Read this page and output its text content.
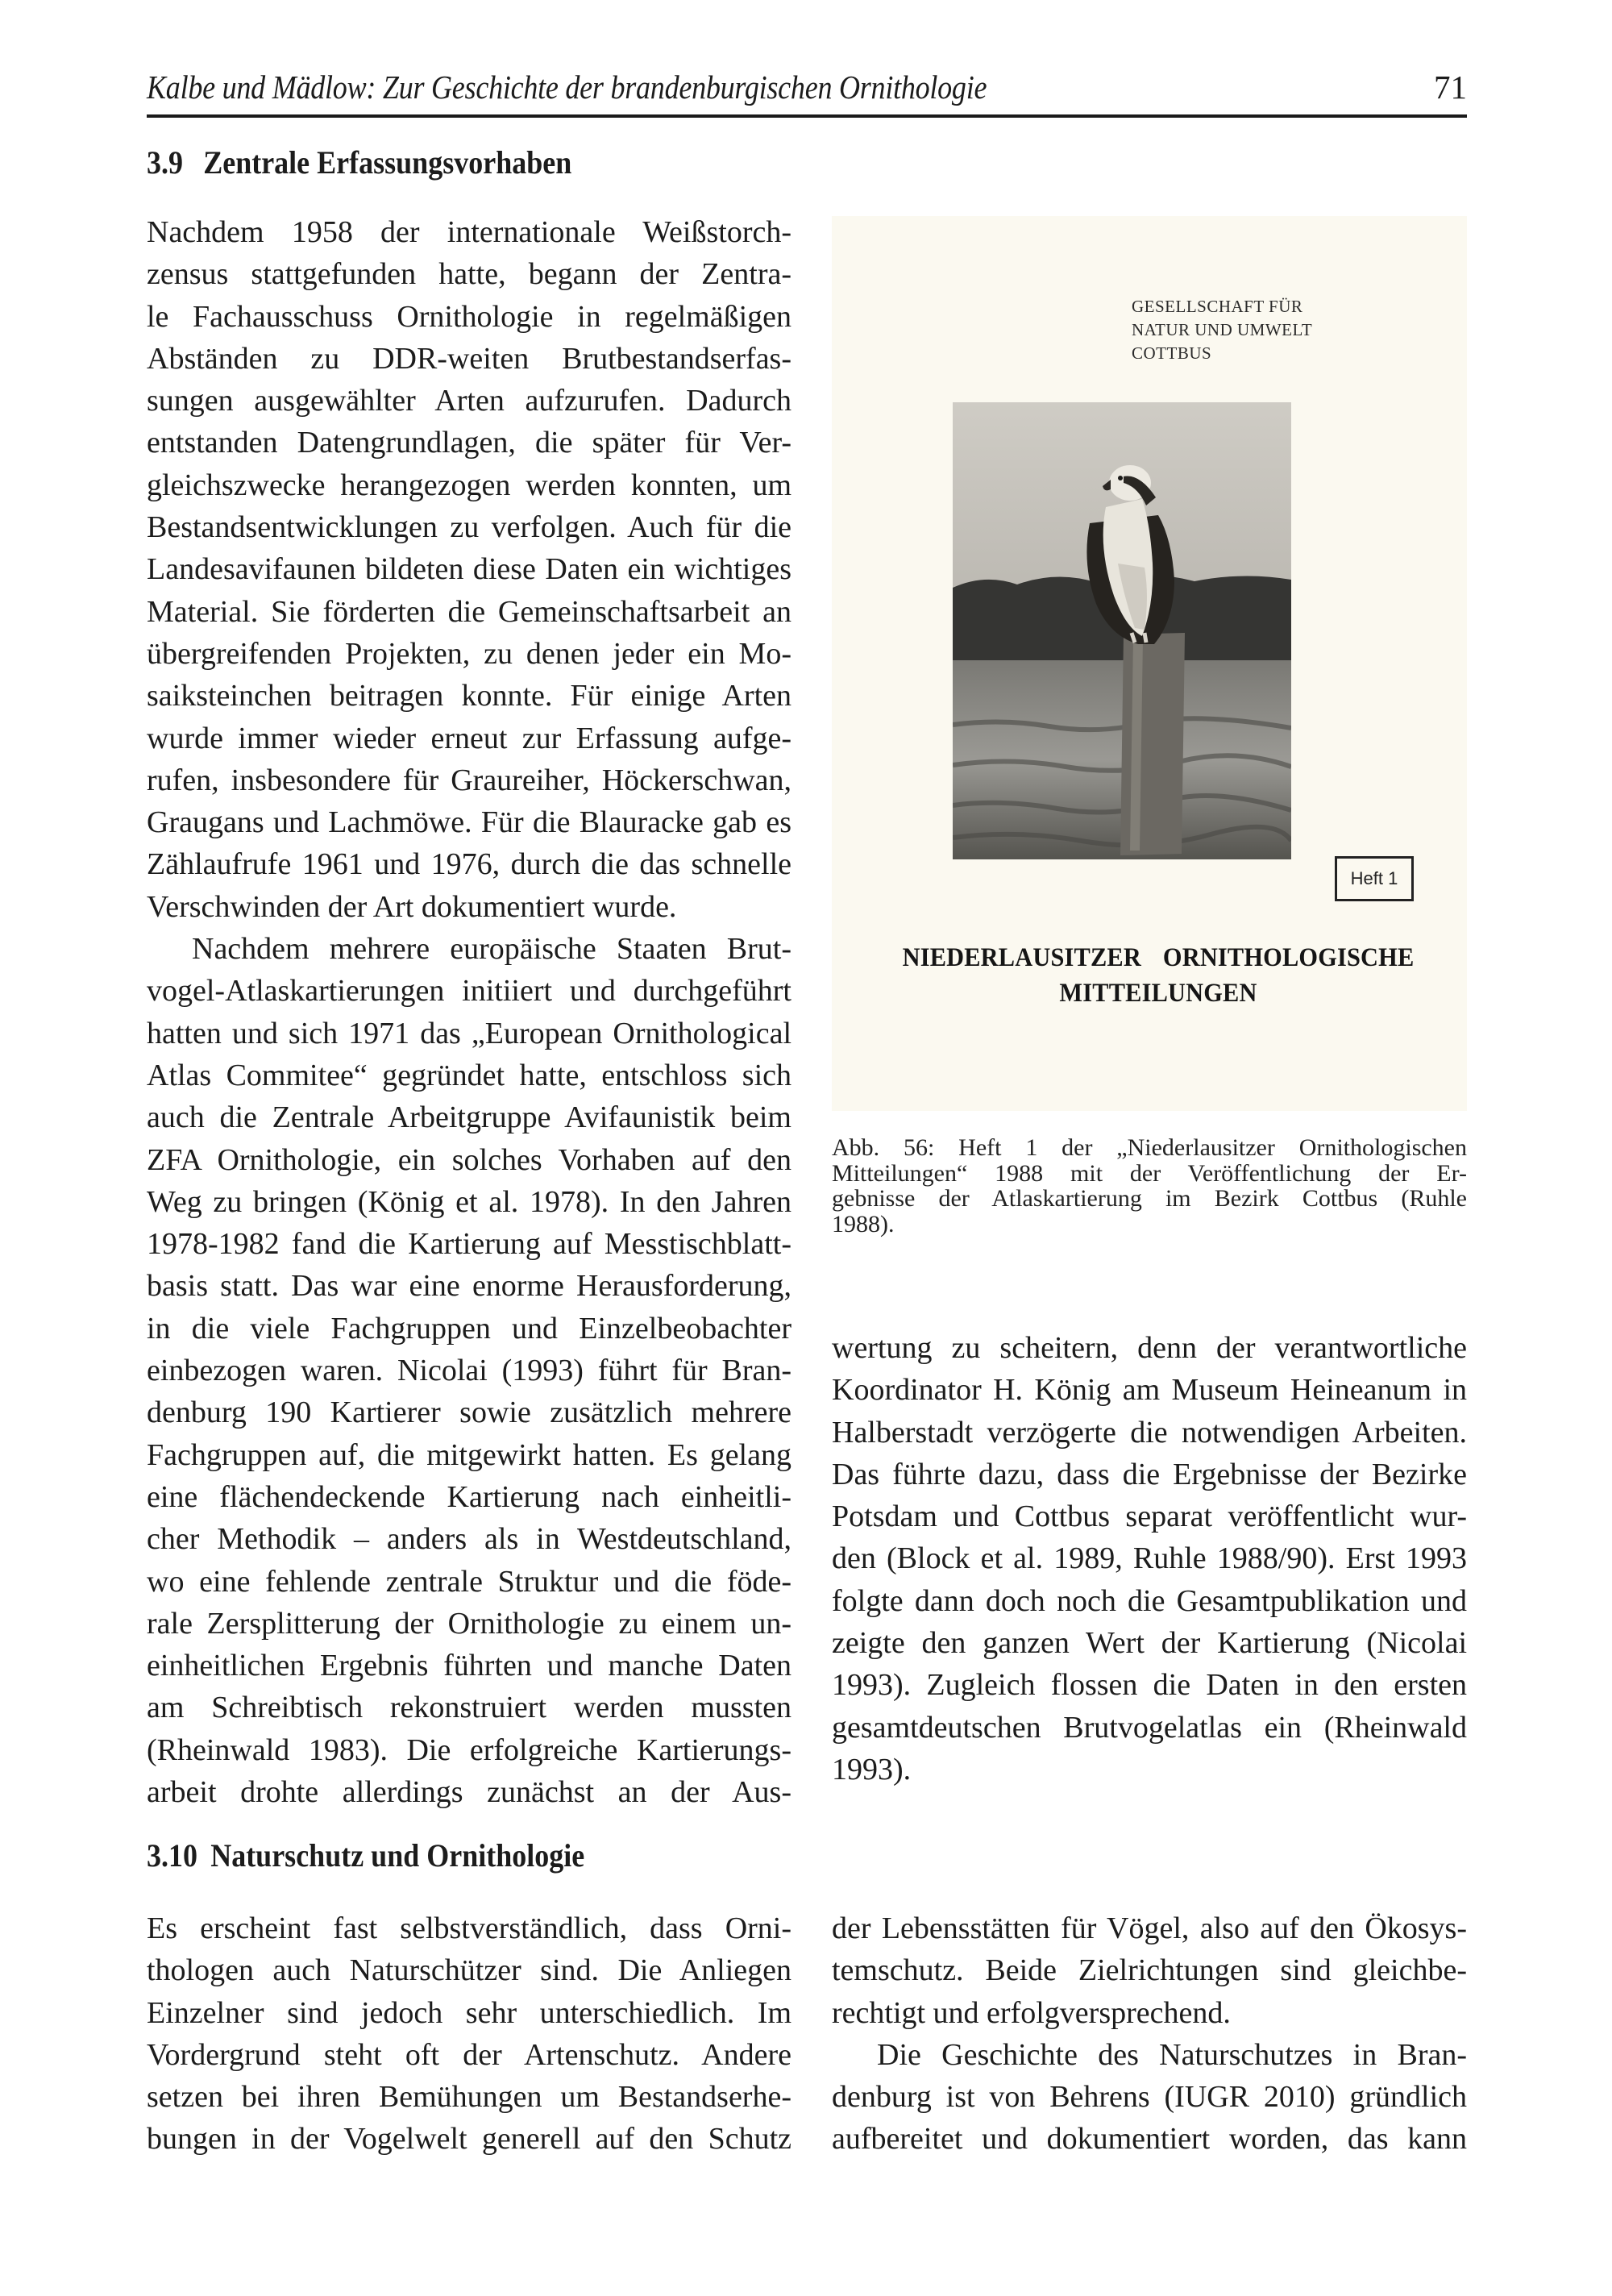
Kalbe und Mädlow: Zur Geschichte der brandenburgischen Ornithologie	71
3.9 Zentrale Erfassungsvorhaben

Nachdem 1958 der internationale Weißstorch-
zensus stattgefunden hatte, begann der Zentra-
le Fachausschuss Ornithologie in regelmäßigen
Abständen zu DDR-weiten Brutbestandserfas-
sungen ausgewählter Arten aufzurufen. Dadurch
entstanden Datengrundlagen, die später für Ver-
gleichszwecke herangezogen werden konnten, um
Bestandsentwicklungen zu verfolgen. Auch für die
Landesavifaunen bildeten diese Daten ein wichtiges
Material. Sie förderten die Gemeinschaftsarbeit an
übergreifenden Projekten, zu denen jeder ein Mo-
saiksteinchen beitragen konnte. Für einige Arten
wurde immer wieder erneut zur Erfassung aufge-
rufen, insbesondere für Graureiher, Höckerschwan,
Graugans und Lachmöwe. Für die Blauracke gab es
Zählaufrufe 1961 und 1976, durch die das schnelle
Verschwinden der Art dokumentiert wurde.

Nachdem mehrere europäische Staaten Brut-
vogel-Atlaskartierungen initiiert und durchgeführt
hatten und sich 1971 das „European Ornithological
Atlas Commitee“ gegründet hatte, entschloss sich
auch die Zentrale Arbeitgruppe Avifaunistik beim
ZFA Ornithologie, ein solches Vorhaben auf den
Weg zu bringen (König et al. 1978). In den Jahren
1978-1982 fand die Kartierung auf Messtischblatt-
basis statt. Das war eine enorme Herausforderung,
in die viele Fachgruppen und Einzelbeobachter
einbezogen waren. Nicolai (1993) führt für Bran-
denburg 190 Kartierer sowie zusätzlich mehrere
Fachgruppen auf, die mitgewirkt hatten. Es gelang
eine flächendeckende Kartierung nach einheitli-
cher Methodik – anders als in Westdeutschland,
wo eine fehlende zentrale Struktur und die föde-
rale Zersplitterung der Ornithologie zu einem un-
einheitlichen Ergebnis führten und manche Daten
am Schreibtisch rekonstruiert werden mussten
(Rheinwald 1983). Die erfolgreiche Kartierungs-
arbeit drohte allerdings zunächst an der Aus-

GESELLSCHAFT FÜR
NATUR UND UMWELT
COTTBUS
Heft 1
NIEDERLAUSITZER ORNITHOLOGISCHE
MITTEILUNGEN
Abb. 56: Heft 1 der „Niederlausitzer Ornithologischen
Mitteilungen“ 1988 mit der Veröffentlichung der Er-
gebnisse der Atlaskartierung im Bezirk Cottbus (Ruhle
1988).

wertung zu scheitern, denn der verantwortliche
Koordinator H. König am Museum Heineanum in
Halberstadt verzögerte die notwendigen Arbeiten.
Das führte dazu, dass die Ergebnisse der Bezirke
Potsdam und Cottbus separat veröffentlicht wur-
den (Block et al. 1989, Ruhle 1988/90). Erst 1993
folgte dann doch noch die Gesamtpublikation und
zeigte den ganzen Wert der Kartierung (Nicolai
1993). Zugleich flossen die Daten in den ersten
gesamtdeutschen Brutvogelatlas ein (Rheinwald
1993).

3.10 Naturschutz und Ornithologie

Es erscheint fast selbstverständlich, dass Orni-
thologen auch Naturschützer sind. Die Anliegen
Einzelner sind jedoch sehr unterschiedlich. Im
Vordergrund steht oft der Artenschutz. Andere
setzen bei ihren Bemühungen um Bestandserhe-
bungen in der Vogelwelt generell auf den Schutz

der Lebensstätten für Vögel, also auf den Ökosys-
temschutz. Beide Zielrichtungen sind gleichbe-
rechtigt und erfolgversprechend.

Die Geschichte des Naturschutzes in Bran-
denburg ist von Behrens (IUGR 2010) gründlich
aufbereitet und dokumentiert worden, das kann
